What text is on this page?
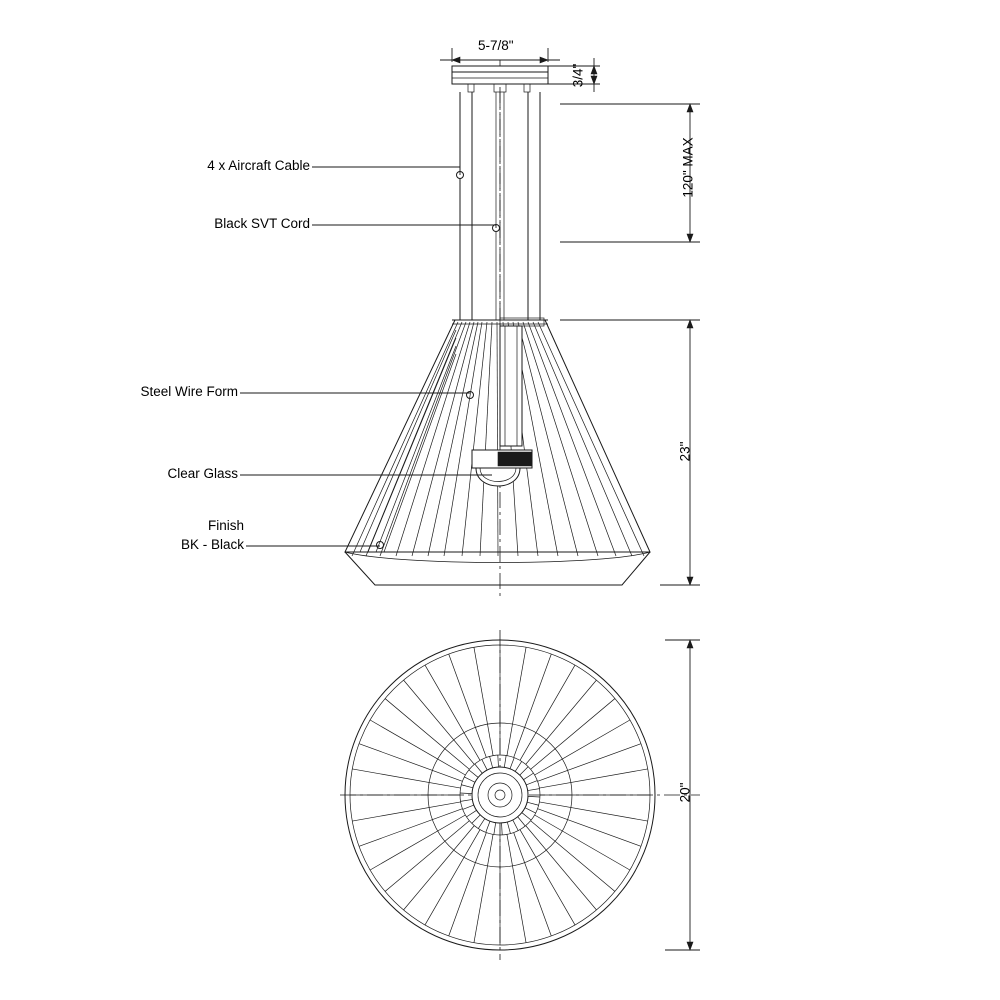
4 x Aircraft Cable
Black SVT Cord
Steel Wire Form
Clear Glass
Finish
BK - Black
5-7/8"
3/4"
120" MAX
23"
20"
